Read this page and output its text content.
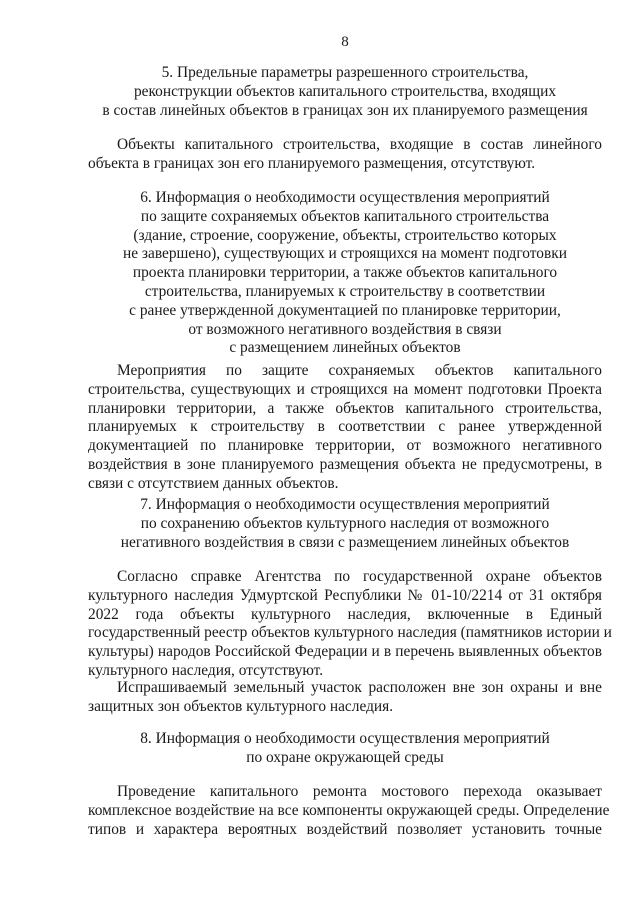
8
5. Предельные параметры разрешенного строительства,
реконструкции объектов капитального строительства, входящих
в состав линейных объектов в границах зон их планируемого размещения
Объекты капитального строительства, входящие в состав линейного
объекта в границах зон его планируемого размещения, отсутствуют.
6. Информация о необходимости осуществления мероприятий
по защите сохраняемых объектов капитального строительства
(здание, строение, сооружение, объекты, строительство которых
не завершено), существующих и строящихся на момент подготовки
проекта планировки территории, а также объектов капитального
строительства, планируемых к строительству в соответствии
с ранее утвержденной документацией по планировке территории,
от возможного негативного воздействия в связи
с размещением линейных объектов
Мероприятия по защите сохраняемых объектов капитального
строительства, существующих и строящихся на момент подготовки Проекта
планировки территории, а также объектов капитального строительства,
планируемых к строительству в соответствии с ранее утвержденной
документацией по планировке территории, от возможного негативного
воздействия в зоне планируемого размещения объекта не предусмотрены, в
связи с отсутствием данных объектов.
7. Информация о необходимости осуществления мероприятий
по сохранению объектов культурного наследия от возможного
негативного воздействия в связи с размещением линейных объектов
Согласно справке Агентства по государственной охране объектов
культурного наследия Удмуртской Республики № 01-10/2214 от 31 октября
2022 года объекты культурного наследия, включенные в Единый
государственный реестр объектов культурного наследия (памятников истории и
культуры) народов Российской Федерации и в перечень выявленных объектов
культурного наследия, отсутствуют.
Испрашиваемый земельный участок расположен вне зон охраны и вне
защитных зон объектов культурного наследия.
8. Информация о необходимости осуществления мероприятий
по охране окружающей среды
Проведение капитального ремонта мостового перехода оказывает
комплексное воздействие на все компоненты окружающей среды. Определение
типов и характера вероятных воздействий позволяет установить точные
